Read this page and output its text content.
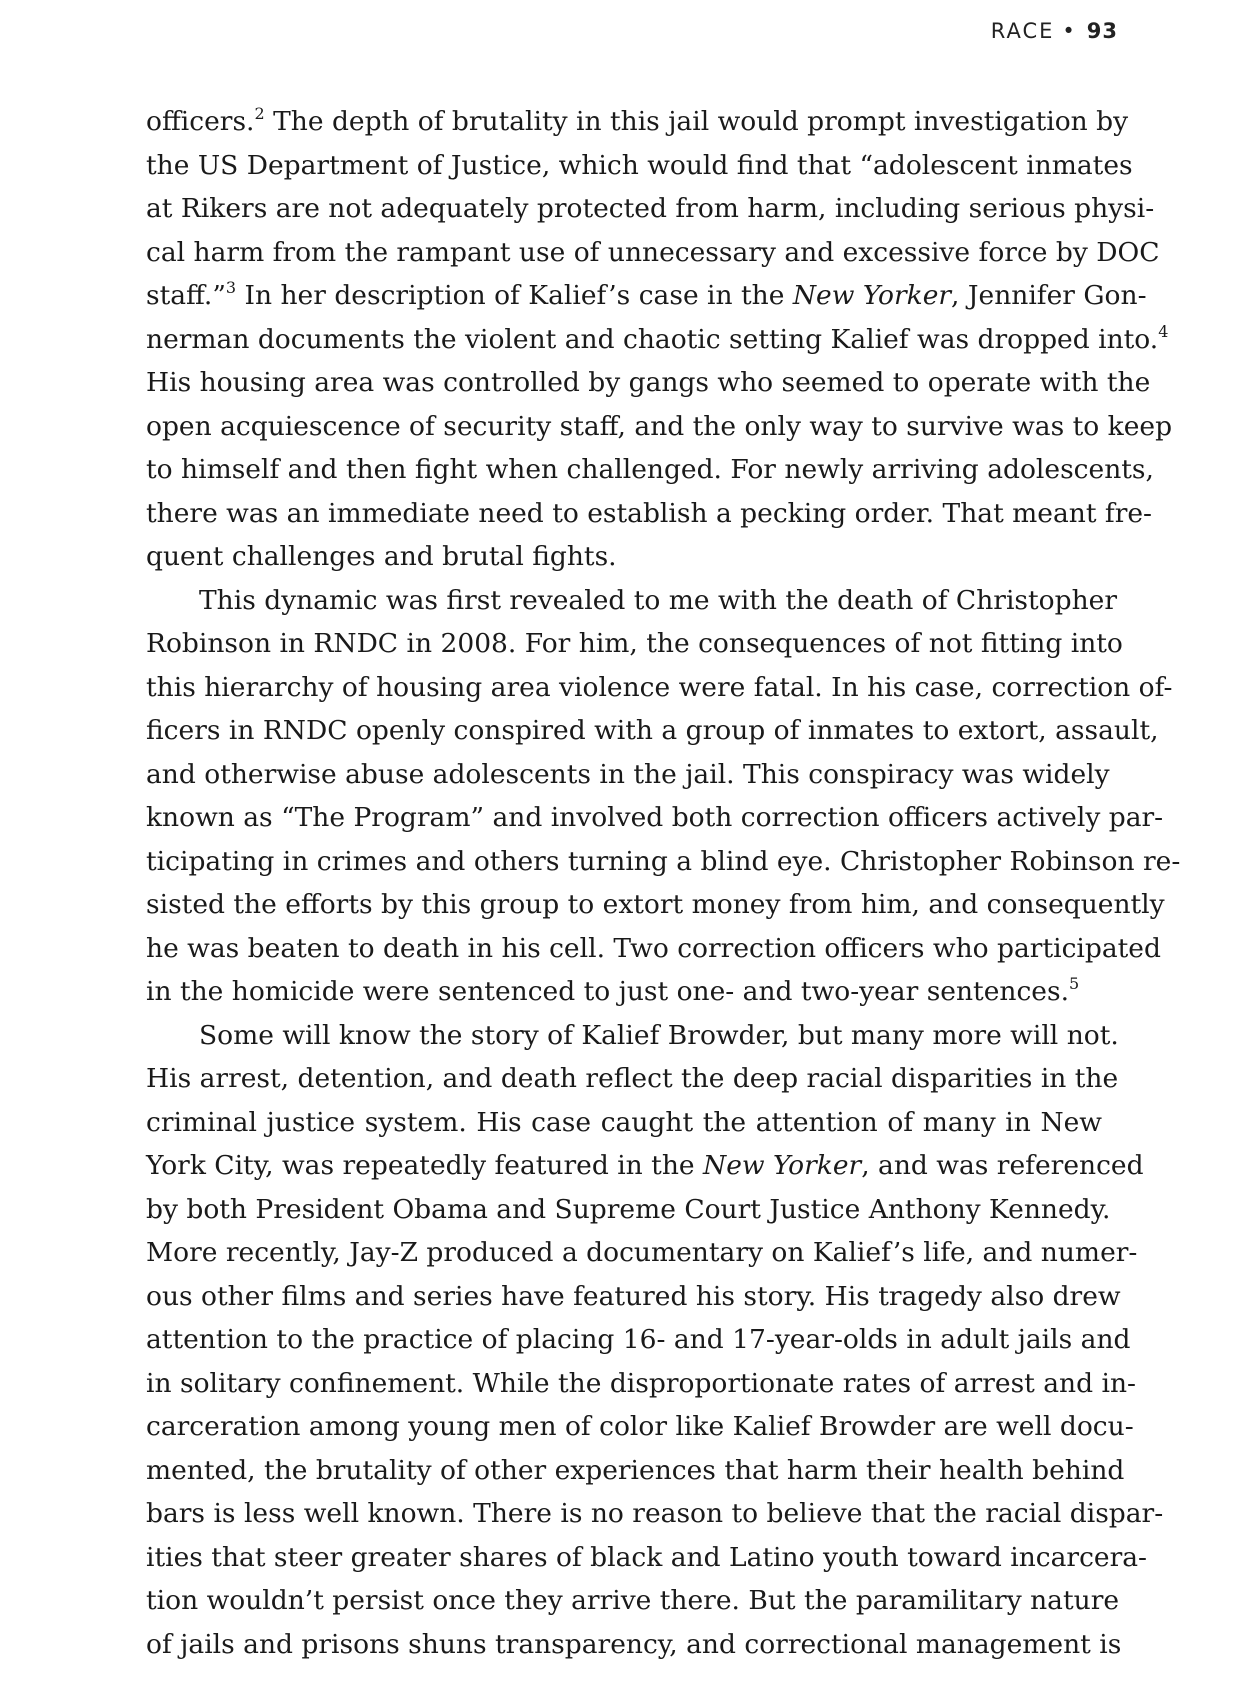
RACE • 93
officers.$^2$ The depth of brutality in this jail would prompt investigation by
the US Department of Justice, which would find that “adolescent inmates
at Rikers are not adequately protected from harm, including serious physi-
cal harm from the rampant use of unnecessary and excessive force by DOC
staff.”$^3$ In her description of Kalief’s case in the New Yorker, Jennifer Gon-
nerman documents the violent and chaotic setting Kalief was dropped into.$^4$
His housing area was controlled by gangs who seemed to operate with the
open acquiescence of security staff, and the only way to survive was to keep
to himself and then fight when challenged. For newly arriving adolescents,
there was an immediate need to establish a pecking order. That meant fre-
quent challenges and brutal fights.
This dynamic was first revealed to me with the death of Christopher
Robinson in RNDC in 2008. For him, the consequences of not fitting into
this hierarchy of housing area violence were fatal. In his case, correction of-
ficers in RNDC openly conspired with a group of inmates to extort, assault,
and otherwise abuse adolescents in the jail. This conspiracy was widely
known as “The Program” and involved both correction officers actively par-
ticipating in crimes and others turning a blind eye. Christopher Robinson re-
sisted the efforts by this group to extort money from him, and consequently
he was beaten to death in his cell. Two correction officers who participated
in the homicide were sentenced to just one- and two-year sentences.$^5$
Some will know the story of Kalief Browder, but many more will not.
His arrest, detention, and death reflect the deep racial disparities in the
criminal justice system. His case caught the attention of many in New
York City, was repeatedly featured in the New Yorker, and was referenced
by both President Obama and Supreme Court Justice Anthony Kennedy.
More recently, Jay-Z produced a documentary on Kalief’s life, and numer-
ous other films and series have featured his story. His tragedy also drew
attention to the practice of placing 16- and 17-year-olds in adult jails and
in solitary confinement. While the disproportionate rates of arrest and in-
carceration among young men of color like Kalief Browder are well docu-
mented, the brutality of other experiences that harm their health behind
bars is less well known. There is no reason to believe that the racial dispar-
ities that steer greater shares of black and Latino youth toward incarcera-
tion wouldn’t persist once they arrive there. But the paramilitary nature
of jails and prisons shuns transparency, and correctional management is
